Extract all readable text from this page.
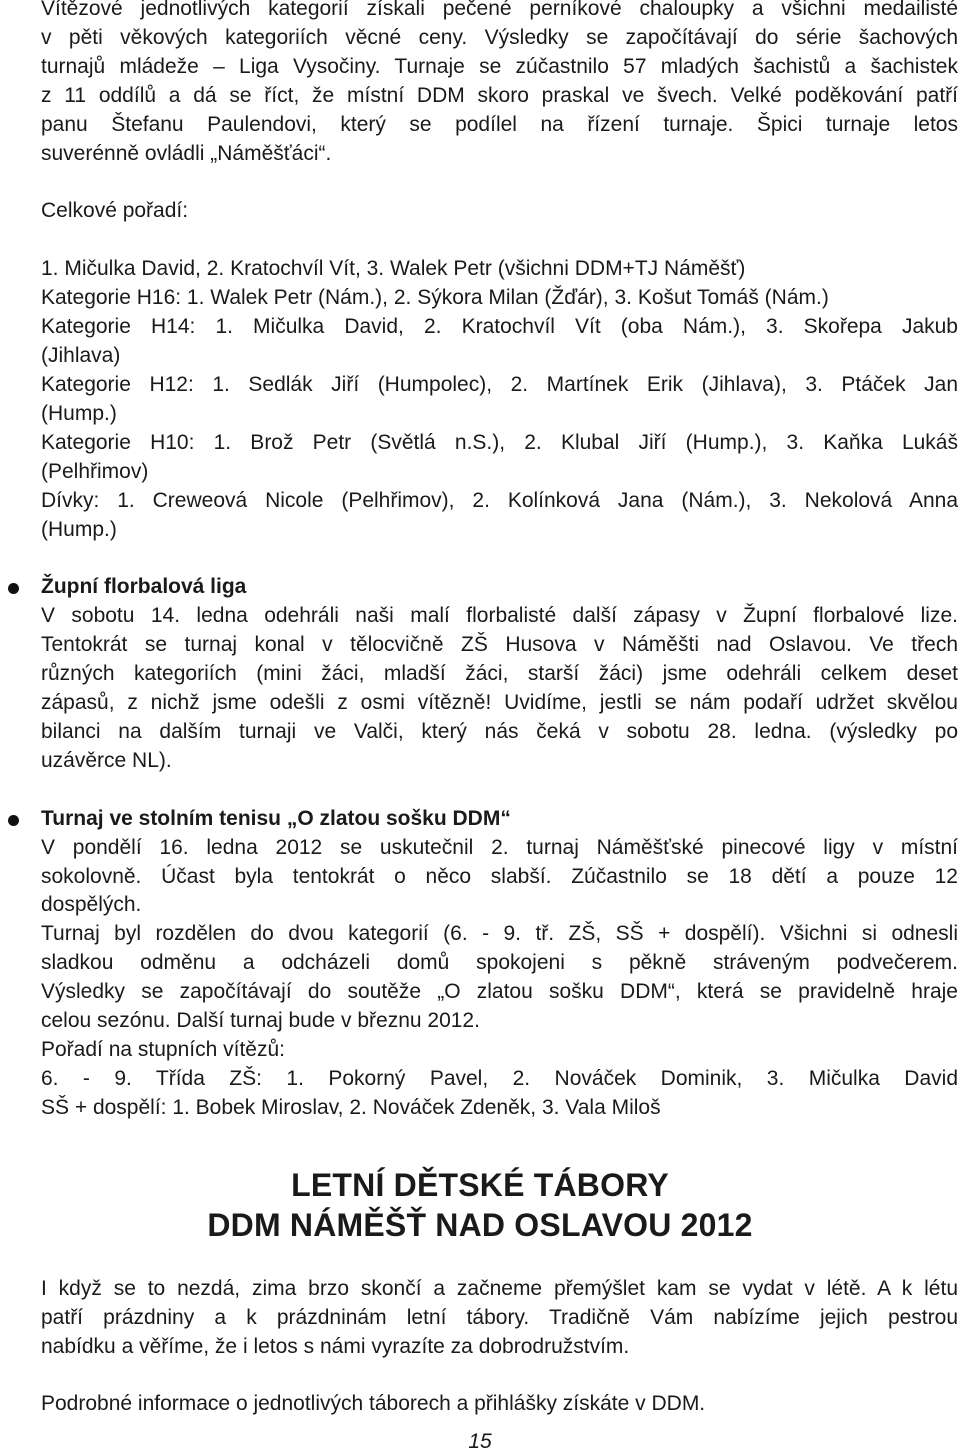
Vítězové jednotlivých kategorií získali pečené perníkové chaloupky a všichni medailisté
v pěti věkových kategoriích věcné ceny. Výsledky se započítávají do série šachových
turnajů mládeže – Liga Vysočiny. Turnaje se zúčastnilo 57 mladých šachistů a šachistek
z 11 oddílů a dá se říct, že místní DDM skoro praskal ve švech. Velké poděkování patří
panu Štefanu Paulendovi, který se podílel na řízení turnaje. Špici turnaje letos
suverénně ovládli „Náměšťáci“.

Celkové pořadí:

1. Mičulka David, 2. Kratochvíl Vít, 3. Walek Petr (všichni DDM+TJ Náměšť)
Kategorie H16: 1. Walek Petr (Nám.), 2. Sýkora Milan (Žďár), 3. Košut Tomáš (Nám.)
Kategorie H14: 1. Mičulka David, 2. Kratochvíl Vít (oba Nám.), 3. Skořepa Jakub
(Jihlava)
Kategorie H12: 1. Sedlák Jiří (Humpolec), 2. Martínek Erik (Jihlava), 3. Ptáček Jan
(Hump.)
Kategorie H10: 1. Brož Petr (Světlá n.S.), 2. Klubal Jiří (Hump.), 3. Kaňka Lukáš
(Pelhřimov)
Dívky: 1. Creweová Nicole (Pelhřimov), 2. Kolínková Jana (Nám.), 3. Nekolová Anna
(Hump.)

Župní florbalová liga

V sobotu 14. ledna odehráli naši malí florbalisté další zápasy v Župní florbalové lize.
Tentokrát se turnaj konal v tělocvičně ZŠ Husova v Náměšti nad Oslavou. Ve třech
různých kategoriích (mini žáci, mladší žáci, starší žáci) jsme odehráli celkem deset
zápasů, z nichž jsme odešli z osmi vítězně! Uvidíme, jestli se nám podaří udržet skvělou
bilanci na dalším turnaji ve Valči, který nás čeká v sobotu 28. ledna. (výsledky po
uzávěrce NL).

Turnaj ve stolním tenisu „O zlatou sošku DDM“

V pondělí 16. ledna 2012 se uskutečnil 2. turnaj Náměšťské pinecové ligy v místní
sokolovně. Účast byla tentokrát o něco slabší. Zúčastnilo se 18 dětí a pouze 12
dospělých.
Turnaj byl rozdělen do dvou kategorií (6. - 9. tř. ZŠ, SŠ + dospělí). Všichni si odnesli
sladkou odměnu a odcházeli domů spokojeni s pěkně stráveným podvečerem.
Výsledky se započítávají do soutěže „O zlatou sošku DDM“, která se pravidelně hraje
celou sezónu. Další turnaj bude v březnu 2012.
Pořadí na stupních vítězů:
6. - 9. Třída ZŠ: 1. Pokorný Pavel, 2. Nováček Dominik, 3. Mičulka David
SŠ + dospělí: 1. Bobek Miroslav, 2. Nováček Zdeněk, 3. Vala Miloš

LETNÍ DĚTSKÉ TÁBORY

DDM NÁMĚŠŤ NAD OSLAVOU 2012

I když se to nezdá, zima brzo skončí a začneme přemýšlet kam se vydat v létě. A k létu
patří prázdniny a k prázdninám letní tábory. Tradičně Vám nabízíme jejich pestrou
nabídku a věříme, že i letos s námi vyrazíte za dobrodružstvím.

Podrobné informace o jednotlivých táborech a přihlášky získáte v DDM.

15
